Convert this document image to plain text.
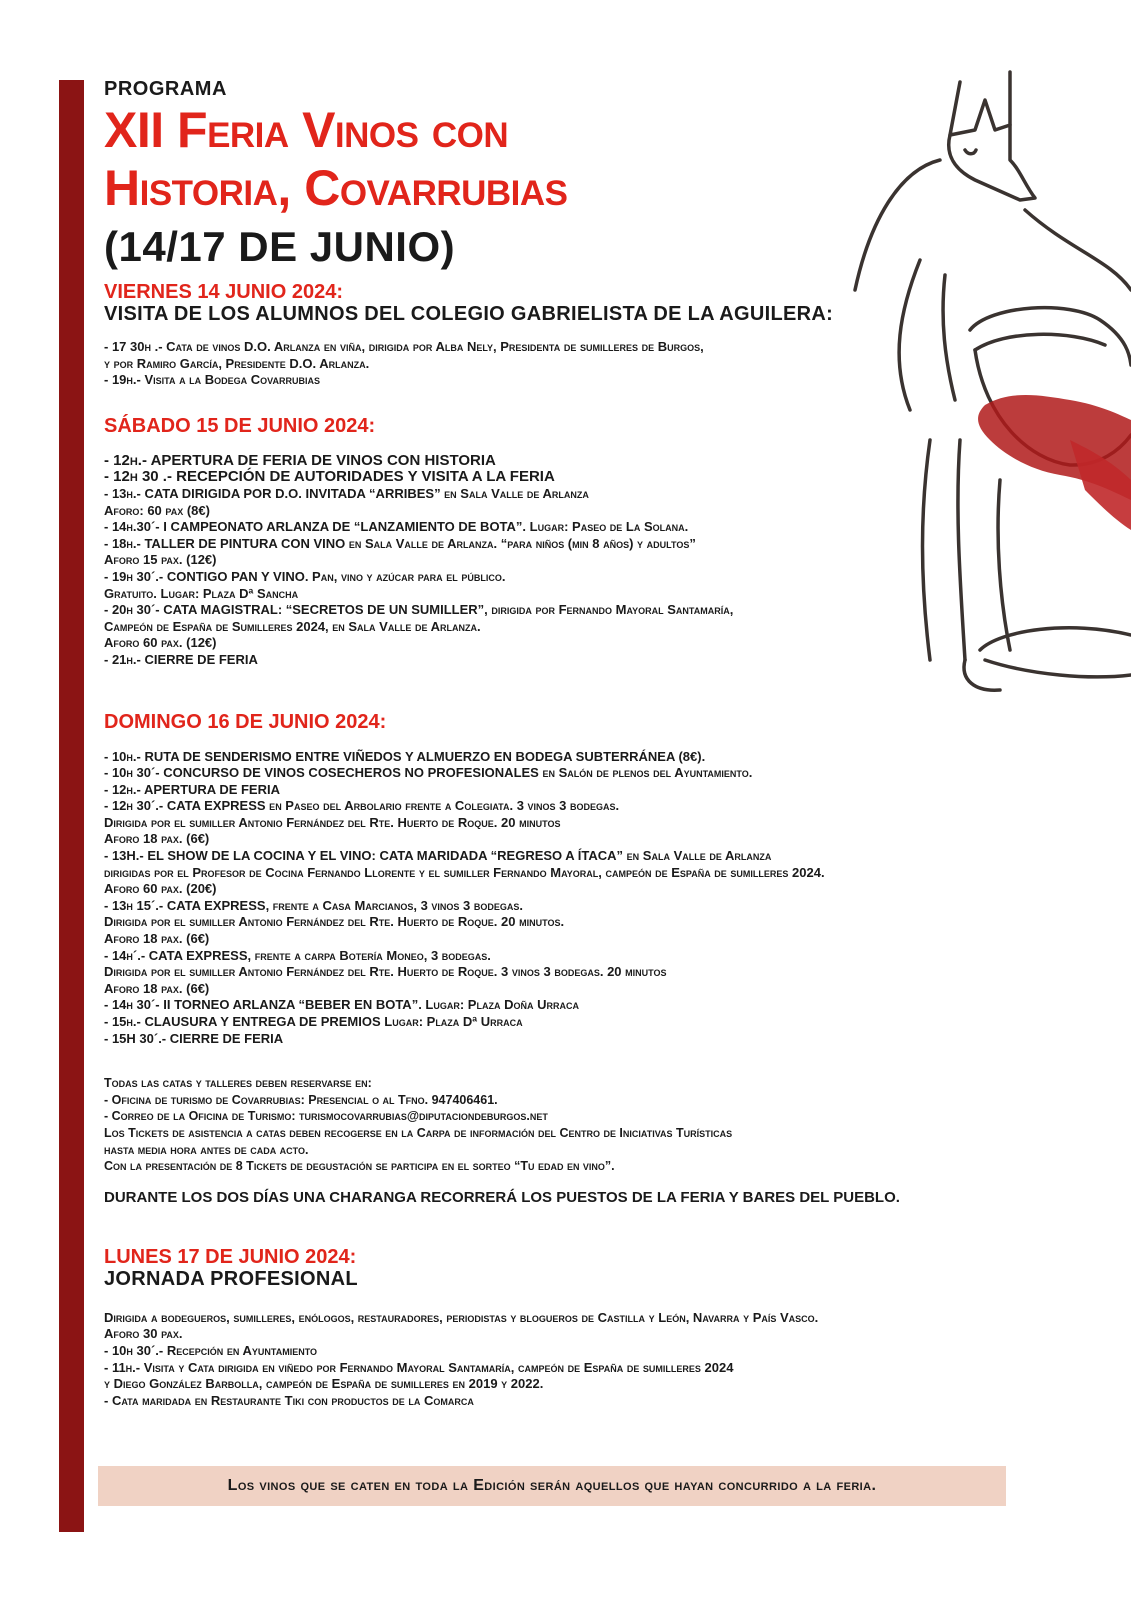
PROGRAMA

XII Feria Vinos con
Historia, Covarrubias

(14/17 DE JUNIO)

VIERNES 14 JUNIO 2024:

VISITA DE LOS ALUMNOS DEL COLEGIO GABRIELISTA DE LA AGUILERA:

- 17 30h .- Cata de vinos D.O. Arlanza en viña, dirigida por Alba Nely, Presidenta de sumilleres de Burgos,
y por Ramiro García, Presidente D.O. Arlanza.
- 19h.- Visita a la Bodega Covarrubias

SÁBADO 15 DE JUNIO 2024:

- 12h.- APERTURA DE FERIA DE VINOS CON HISTORIA
- 12h 30 .- RECEPCIÓN DE AUTORIDADES Y VISITA A LA FERIA
- 13h.- CATA DIRIGIDA POR D.O. INVITADA “ARRIBES” en Sala Valle de Arlanza
Aforo: 60 pax (8€)
- 14h.30´- I CAMPEONATO ARLANZA DE “LANZAMIENTO DE BOTA”. Lugar: Paseo de La Solana.
- 18h.- TALLER DE PINTURA CON VINO en Sala Valle de Arlanza. “para niños (min 8 años) y adultos”
Aforo 15 pax. (12€)
- 19h 30´.- CONTIGO PAN Y VINO. Pan, vino y azúcar para el público.
Gratuito. Lugar: Plaza Dª Sancha
- 20h 30´- CATA MAGISTRAL: “SECRETOS DE UN SUMILLER”, dirigida por Fernando Mayoral Santamaría,
Campeón de España de Sumilleres 2024, en Sala Valle de Arlanza.
Aforo 60 pax. (12€)
- 21h.- CIERRE DE FERIA

DOMINGO 16 DE JUNIO 2024:

- 10h.- RUTA DE SENDERISMO ENTRE VIÑEDOS Y ALMUERZO EN BODEGA SUBTERRÁNEA (8€).
- 10h 30´- CONCURSO DE VINOS COSECHEROS NO PROFESIONALES en Salón de plenos del Ayuntamiento.
- 12h.- APERTURA DE FERIA
- 12h 30´.- CATA EXPRESS en Paseo del Arbolario frente a Colegiata. 3 vinos 3 bodegas.
Dirigida por el sumiller Antonio Fernández del Rte. Huerto de Roque. 20 minutos
Aforo 18 pax. (6€)
- 13H.- EL SHOW DE LA COCINA Y EL VINO: CATA MARIDADA “REGRESO A ÍTACA” en Sala Valle de Arlanza
dirigidas por el Profesor de Cocina Fernando Llorente y el sumiller Fernando Mayoral, campeón de España de sumilleres 2024.
Aforo 60 pax. (20€)
- 13h 15´.- CATA EXPRESS, frente a Casa Marcianos, 3 vinos 3 bodegas.
Dirigida por el sumiller Antonio Fernández del Rte. Huerto de Roque. 20 minutos.
Aforo 18 pax. (6€)
- 14h´.- CATA EXPRESS, frente a carpa Botería Moneo, 3 bodegas.
Dirigida por el sumiller Antonio Fernández del Rte. Huerto de Roque. 3 vinos 3 bodegas. 20 minutos
Aforo 18 pax. (6€)
- 14h 30´- II TORNEO ARLANZA “BEBER EN BOTA”. Lugar: Plaza Doña Urraca
- 15h.- CLAUSURA Y ENTREGA DE PREMIOS Lugar: Plaza Dª Urraca
- 15H 30´.- CIERRE DE FERIA
Todas las catas y talleres deben reservarse en:
- Oficina de turismo de Covarrubias: Presencial o al Tfno. 947406461.
- Correo de la Oficina de Turismo: turismocovarrubias@diputaciondeburgos.net
Los Tickets de asistencia a catas deben recogerse en la Carpa de información del Centro de Iniciativas Turísticas
hasta media hora antes de cada acto.
Con la presentación de 8 Tickets de degustación se participa en el sorteo “Tu edad en vino”.

DURANTE LOS DOS DÍAS UNA CHARANGA RECORRERÁ LOS PUESTOS DE LA FERIA Y BARES DEL PUEBLO.

LUNES 17 DE JUNIO 2024:

JORNADA PROFESIONAL

Dirigida a bodegueros, sumilleres, enólogos, restauradores, periodistas y blogueros de Castilla y León, Navarra y País Vasco.
Aforo 30 pax.
- 10h 30´.- Recepción en Ayuntamiento
- 11h.- Visita y Cata dirigida en viñedo por Fernando Mayoral Santamaría, campeón de España de sumilleres 2024
y Diego González Barbolla, campeón de España de sumilleres en 2019 y 2022.
- Cata maridada en Restaurante Tiki con productos de la Comarca
Los vinos que se caten en toda la Edición serán aquellos que hayan concurrido a la feria.
